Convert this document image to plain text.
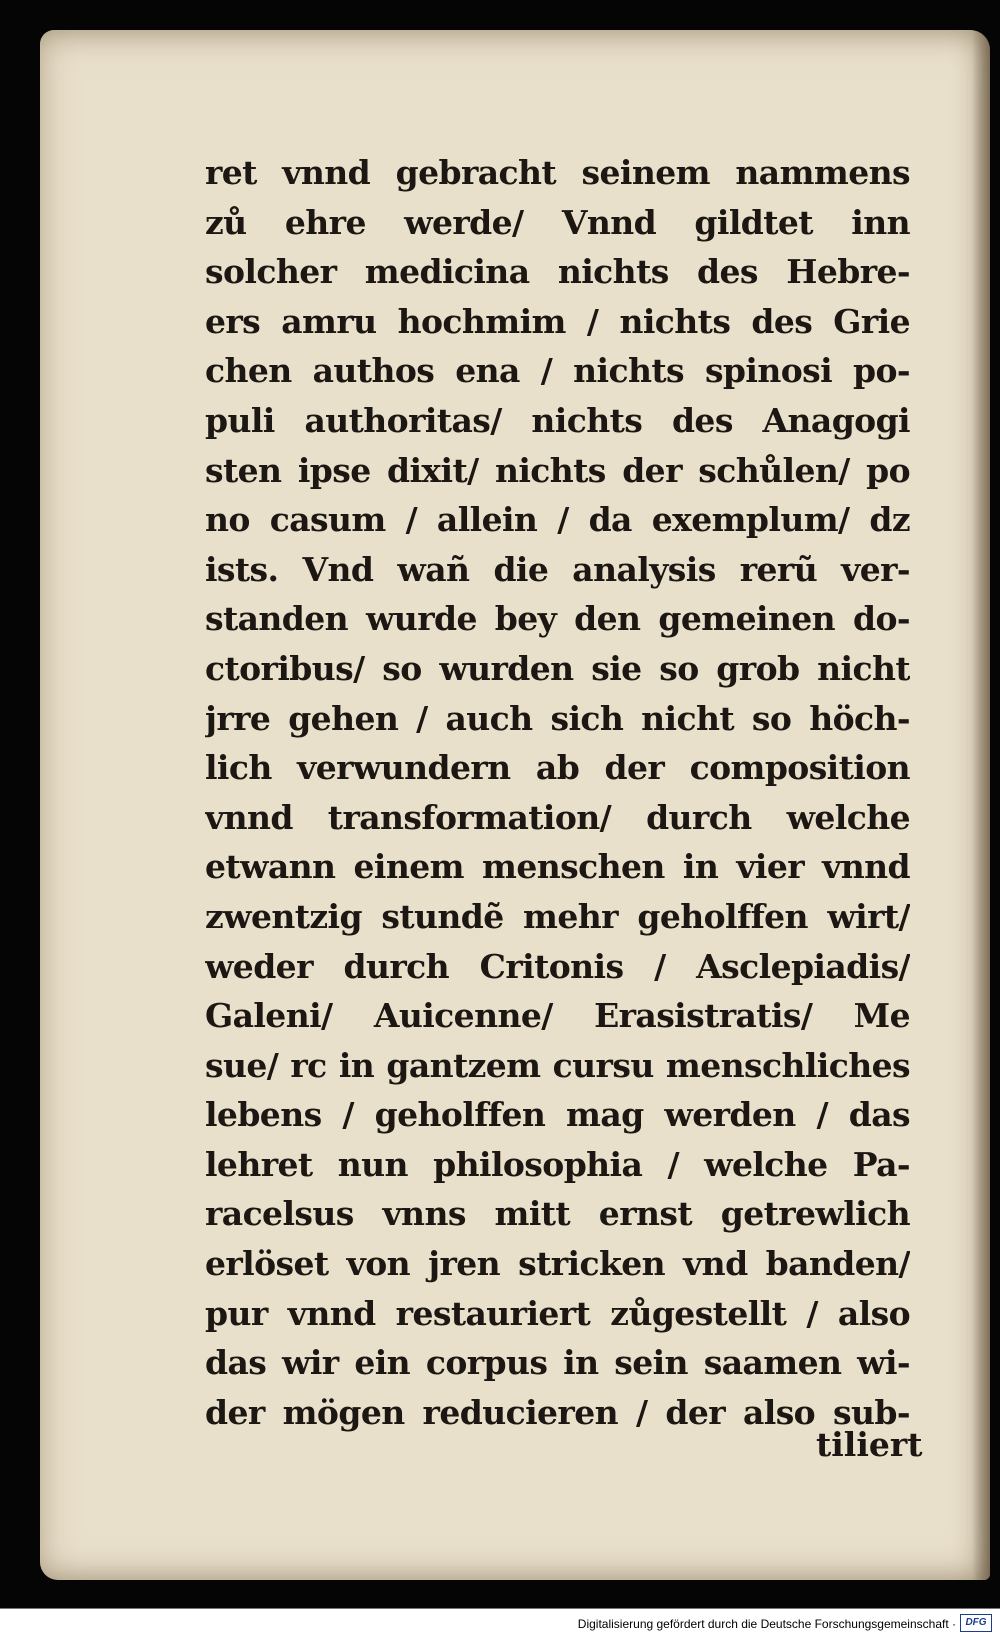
ret vnnd gebracht seinem nammens
zů ehre werde/ Vnnd gildtet inn
solcher medicina nichts des Hebre-
ers amru hochmim / nichts des Grie
chen authos ena / nichts spinosi po-
puli authoritas/ nichts des Anagogi
sten ipse dixit/ nichts der schůlen/ po
no casum / allein / da exemplum/ dz
ists. Vnd wañ die analysis rerũ ver-
standen wurde bey den gemeinen do-
ctoribus/ so wurden sie so grob nicht
jrre gehen / auch sich nicht so höch-
lich verwundern ab der composition
vnnd transformation/ durch welche
etwann einem menschen in vier vnnd
zwentzig stundẽ mehr geholffen wirt/
weder durch Critonis / Asclepiadis/
Galeni/ Auicenne/ Erasistratis/ Me
sue/ rc in gantzem cursu menschliches
lebens / geholffen mag werden / das
lehret nun philosophia / welche Pa-
racelsus vnns mitt ernst getrewlich
erlöset von jren stricken vnd banden/
pur vnnd restauriert zůgestellt / also
das wir ein corpus in sein saamen wi-
der mögen reducieren / der also sub-
tiliert
Digitalisierung gefördert durch die Deutsche Forschungsgemeinschaft · DFG
